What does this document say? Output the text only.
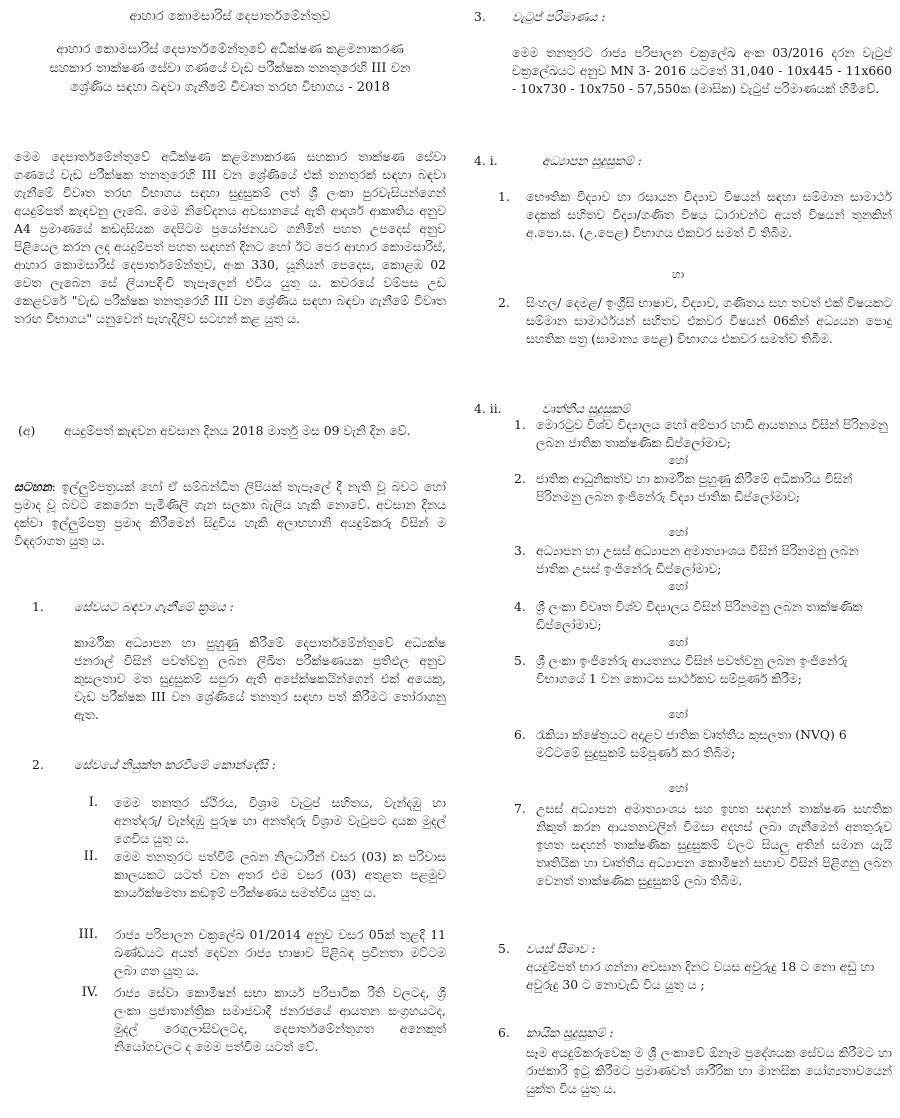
ආහාර කොමසාරිස් දෙපාර්තමේන්තුව
ආහාර කොමසාරිස් දෙපාර්තමේන්තුවේ අධීක්ෂණ කළමනාකරණ සහකාර තාක්ෂණ සේවා ගණයේ වැඩ පරීක්ෂක තනතුරෙහි III වන ශ්‍රේණිය සඳහා බඳවා ගැනීමේ විවෘත තරඟ විභාගය - 2018
මෙම දෙපාර්තමේන්තුවේ අධීක්ෂණ කළමනාකරණ සහකාර තාක්ෂණ සේවා ගණයේ වැඩ පරීක්ෂක තනතුරෙහි III වන ශ්‍රේණියේ එක් තනතුරක් සඳහා බඳවා ගැනීමේ විවෘත තරඟ විභාගය සඳහා සුදුසුකම් ලත් ශ්‍රී ලංකා පුරවැසියන්ගෙන් අයදුම්පත් කැඳවනු ලැබේ. මෙම නිවේදනය අවසානයේ ඇති ආදර්ශ ආකෘතිය අනුව A4 ප්‍රමාණයේ කඩදාසියක දෙපිටම ප්‍රයෝජනයට ගනිමින් පහත උපදෙස් අනුව පිළියෙල කරන ලද අයදුම්පත් පහත සඳහන් දිනට හෝ ඊට පෙර ආහාර කොමසාරිස්, ආහාර කොමසාරිස් දෙපාර්තමේන්තුව, අංක 330, යූනියන් පෙදෙස, කොළඹ 02 වෙත ලැබෙන සේ ලියාපදිංචි තැපෑලෙන් එවිය යුතු ය. කවරයේ වම්පස උඩ කෙළවරේ "වැඩ පරීක්ෂක තනතුරෙහි III වන ශ්‍රේණිය සඳහා බඳවා ගැනීමේ විවෘත තරඟ විභාගය" යනුවෙන් පැහැදිලිව සටහන් කළ යුතු ය.
(අ) අයදුම්පත් කැඳවන අවසාන දිනය 2018 මාර්තු මස 09 වැනි දින වේ.
සටහන: ඉල්ලුම්පත්‍රයක් හෝ ඒ සම්බන්ධිත ලිපියක් තැපෑලේ දී නැති වූ බවට හෝ ප්‍රමාද වූ බවට කෙරෙන පැමිණිලි ගැන සලකා බැලිය හැකි නොවේ. අවසාන දිනය දක්වා ඉල්ලුම්පත්‍ර ප්‍රමාද කිරීමෙන් සිදුවිය හැකි අලාභහානි අයදුම්කරු විසින් ම විඳදරාගත යුතු ය.
1. සේවයට බඳවා ගැනීමේ ක්‍රමය :
කාර්මික අධ්‍යාපන හා පුහුණු කිරීමේ දෙපාර්තමේන්තුවේ අධ්‍යක්ෂ ජනරාල් විසින් පවත්වනු ලබන ලිඛිත පරීක්ෂණයක ප්‍රතිඵල අනුව කුසලතාව මත සුදුසුකම් සපුරා ඇති අපේක්ෂකයින්ගෙන් එක් අයෙකු, වැඩ පරීක්ෂක III වන ශ්‍රේණියේ තනතුර සඳහා පත් කිරීමට තෝරාගනු ඇත.
2. සේවයේ නියුක්ත කරවීමේ කොන්දේසි :
I. මෙම තනතුර ස්ථිරය, විශ්‍රාම වැටුප් සහිතය, වැන්දඹු හා අනත්දරු/ වැන්දඹු පුරුෂ හා අනත්දරු විශ්‍රාම වැටුපට දායක මුදල් ගෙවිය යුතු ය.
II. මෙම තනතුරට පත්වීම් ලබන නිලධාරීන් වසර (03) ක පරිවාස කාලයකට යටත් වන අතර එම වසර (03) අතුළත පළමුව කාර්යක්ෂමතා කඩඉම් පරීක්ෂණය සමත්විය යුතු ය.
III. රාජ්‍ය පරිපාලන චක්‍රලේඛ 01/2014 අනුව වසර 05ක් තුළදී 11 ඛණ්ඩයට අයත් දෙවන රාජ්‍ය භාෂාව පිළිබඳ ප්‍රවීනතා මට්ටම ලබා ගත යුතු ය.
IV. රාජ්‍ය සේවා කොමිෂන් සභා කාර්ය පරිපාටික රීති වලටද, ශ්‍රී ලංකා ප්‍රජාතාන්ත්‍රික සමාජවාදී ජනරජයේ ආයතන සංග්‍රහයටද, මුදල් රෙගුලාසිවලටද, දෙපාර්තමේන්තුගත අනෙකුත් නියෝගවලට ද මෙම පත්වීම යටත් වේ.
3. වැටුප් පරිමාණය :
මෙම තනතුරට රාජ්‍ය පරිපාලන චක්‍රලේඛ අංක 03/2016 දරන වැටුප් චක්‍රලේඛයට අනුව MN 3- 2016 යටතේ 31,040 - 10x445 - 11x660 - 10x730 - 10x750 - 57,550ක (මාසික) වැටුප් පරිමාණයක් හිමිවේ.
4. i.	අධ්‍යාපන සුදුසුකම් :
1. භෞතික විද්‍යාව හා රසායන විද්‍යාව විෂයන් සඳහා සම්මාන සාමාර්ථ දෙකක් සහිතව විද්‍යා/ගණිත විෂය ධාරාවන්ට අයත් විෂයන් තුනකින් අ.පො.ස. (උ.පෙළ) විභාගය එකවර සමත් වී තිබීම.
හා
2. සිංහල/ දෙමළ/ ඉංග්‍රීසි භාෂාව, විද්‍යාව, ගණිතය සහ තවත් එක් විෂයකට සම්මාන සාමාර්ථයන් සහිතව එකවර විෂයන් 06කින් අධ්‍යයන පොදු සහතික පත්‍ර (සාමාන්‍ය පෙළ) විභාගය එකවර සමත්ව තිබීම.
4. ii.	වෘත්තීය සුදුසුකම්
1. මොරටුව විශ්ව විද්‍යාලය හෝ අම්පාර හාඩි ආයතනය විසින් පිරිනමනු ලබන ජාතික තාක්ෂණික ඩිප්ලෝමාව;
හෝ
2. ජාතික ආධුනිකත්ව හා කාර්මික පුහුණු කිරීමේ අධිකාරිය විසින් පිරිනමනු ලබන ඉංජිනේරු විද්‍යා ජාතික ඩිප්ලෝමාව;
හෝ
3. අධ්‍යාපන හා උසස් අධ්‍යාපන අමාත්‍යාංශය විසින් පිරිනමනු ලබන ජාතික උසස් ඉංජිනේරු ඩිප්ලෝමාව;
හෝ
4. ශ්‍රී ලංකා විවෘත විශ්ව විද්‍යාලය විසින් පිරිනමනු ලබන තාක්ෂණික ඩිප්ලෝමාව;
හෝ
5. ශ්‍රී ලංකා ඉංජිනේරු ආයතනය විසින් පවත්වනු ලබන ඉංජිනේරු විභාගයේ 1 වන කොටස සාර්ථකව සම්පූර්ණ කිරීම;
හෝ
6. රැකියා ක්ෂේත්‍රයට අදාළව ජාතික වෘත්තීය කුසලතා (NVQ) 6 මට්ටමේ සුදුසුකම් සම්පූර්ණ කර තිබීම;
හෝ
7. උසස් අධ්‍යාපන අමාත්‍යාංශය සහ ඉහත සඳහන් තාක්ෂණ සහතික නිකුත් කරන ආයතනවලින් විමසා අදහස් ලබා ගැනීමෙන් අනතුරුව ඉහත සඳහන් තාක්ෂණික සුදුසුකම් වලට සියලු අතින් සමාන යැයි තෘතියික හා වෘත්තීය අධ්‍යාපන කොමිෂන් සභාව විසින් පිළිගනු ලබන වෙනත් තාක්ෂණික සුදුසුකම් ලබා තිබීම.
5. වයස් සීමාව :
අයදුම්පත් භාර ගන්නා අවසාන දිනට වයස අවුරුදු 18 ට නො අඩු හා අවුරුදු 30 ට නොවැඩි විය යුතු ය ;
6. කායික සුදුසුකම් :
සෑම අයදුම්කරුවෙකු ම ශ්‍රී ලංකාවේ ඕනෑම ප්‍රදේශයක සේවය කිරීමට හා රාජකාරි ඉටු කිරීමට ප්‍රමාණවත් ශාරීරික හා මානසික යෝග්‍යතාවයෙන් යුක්ත විය යුතු ය.
